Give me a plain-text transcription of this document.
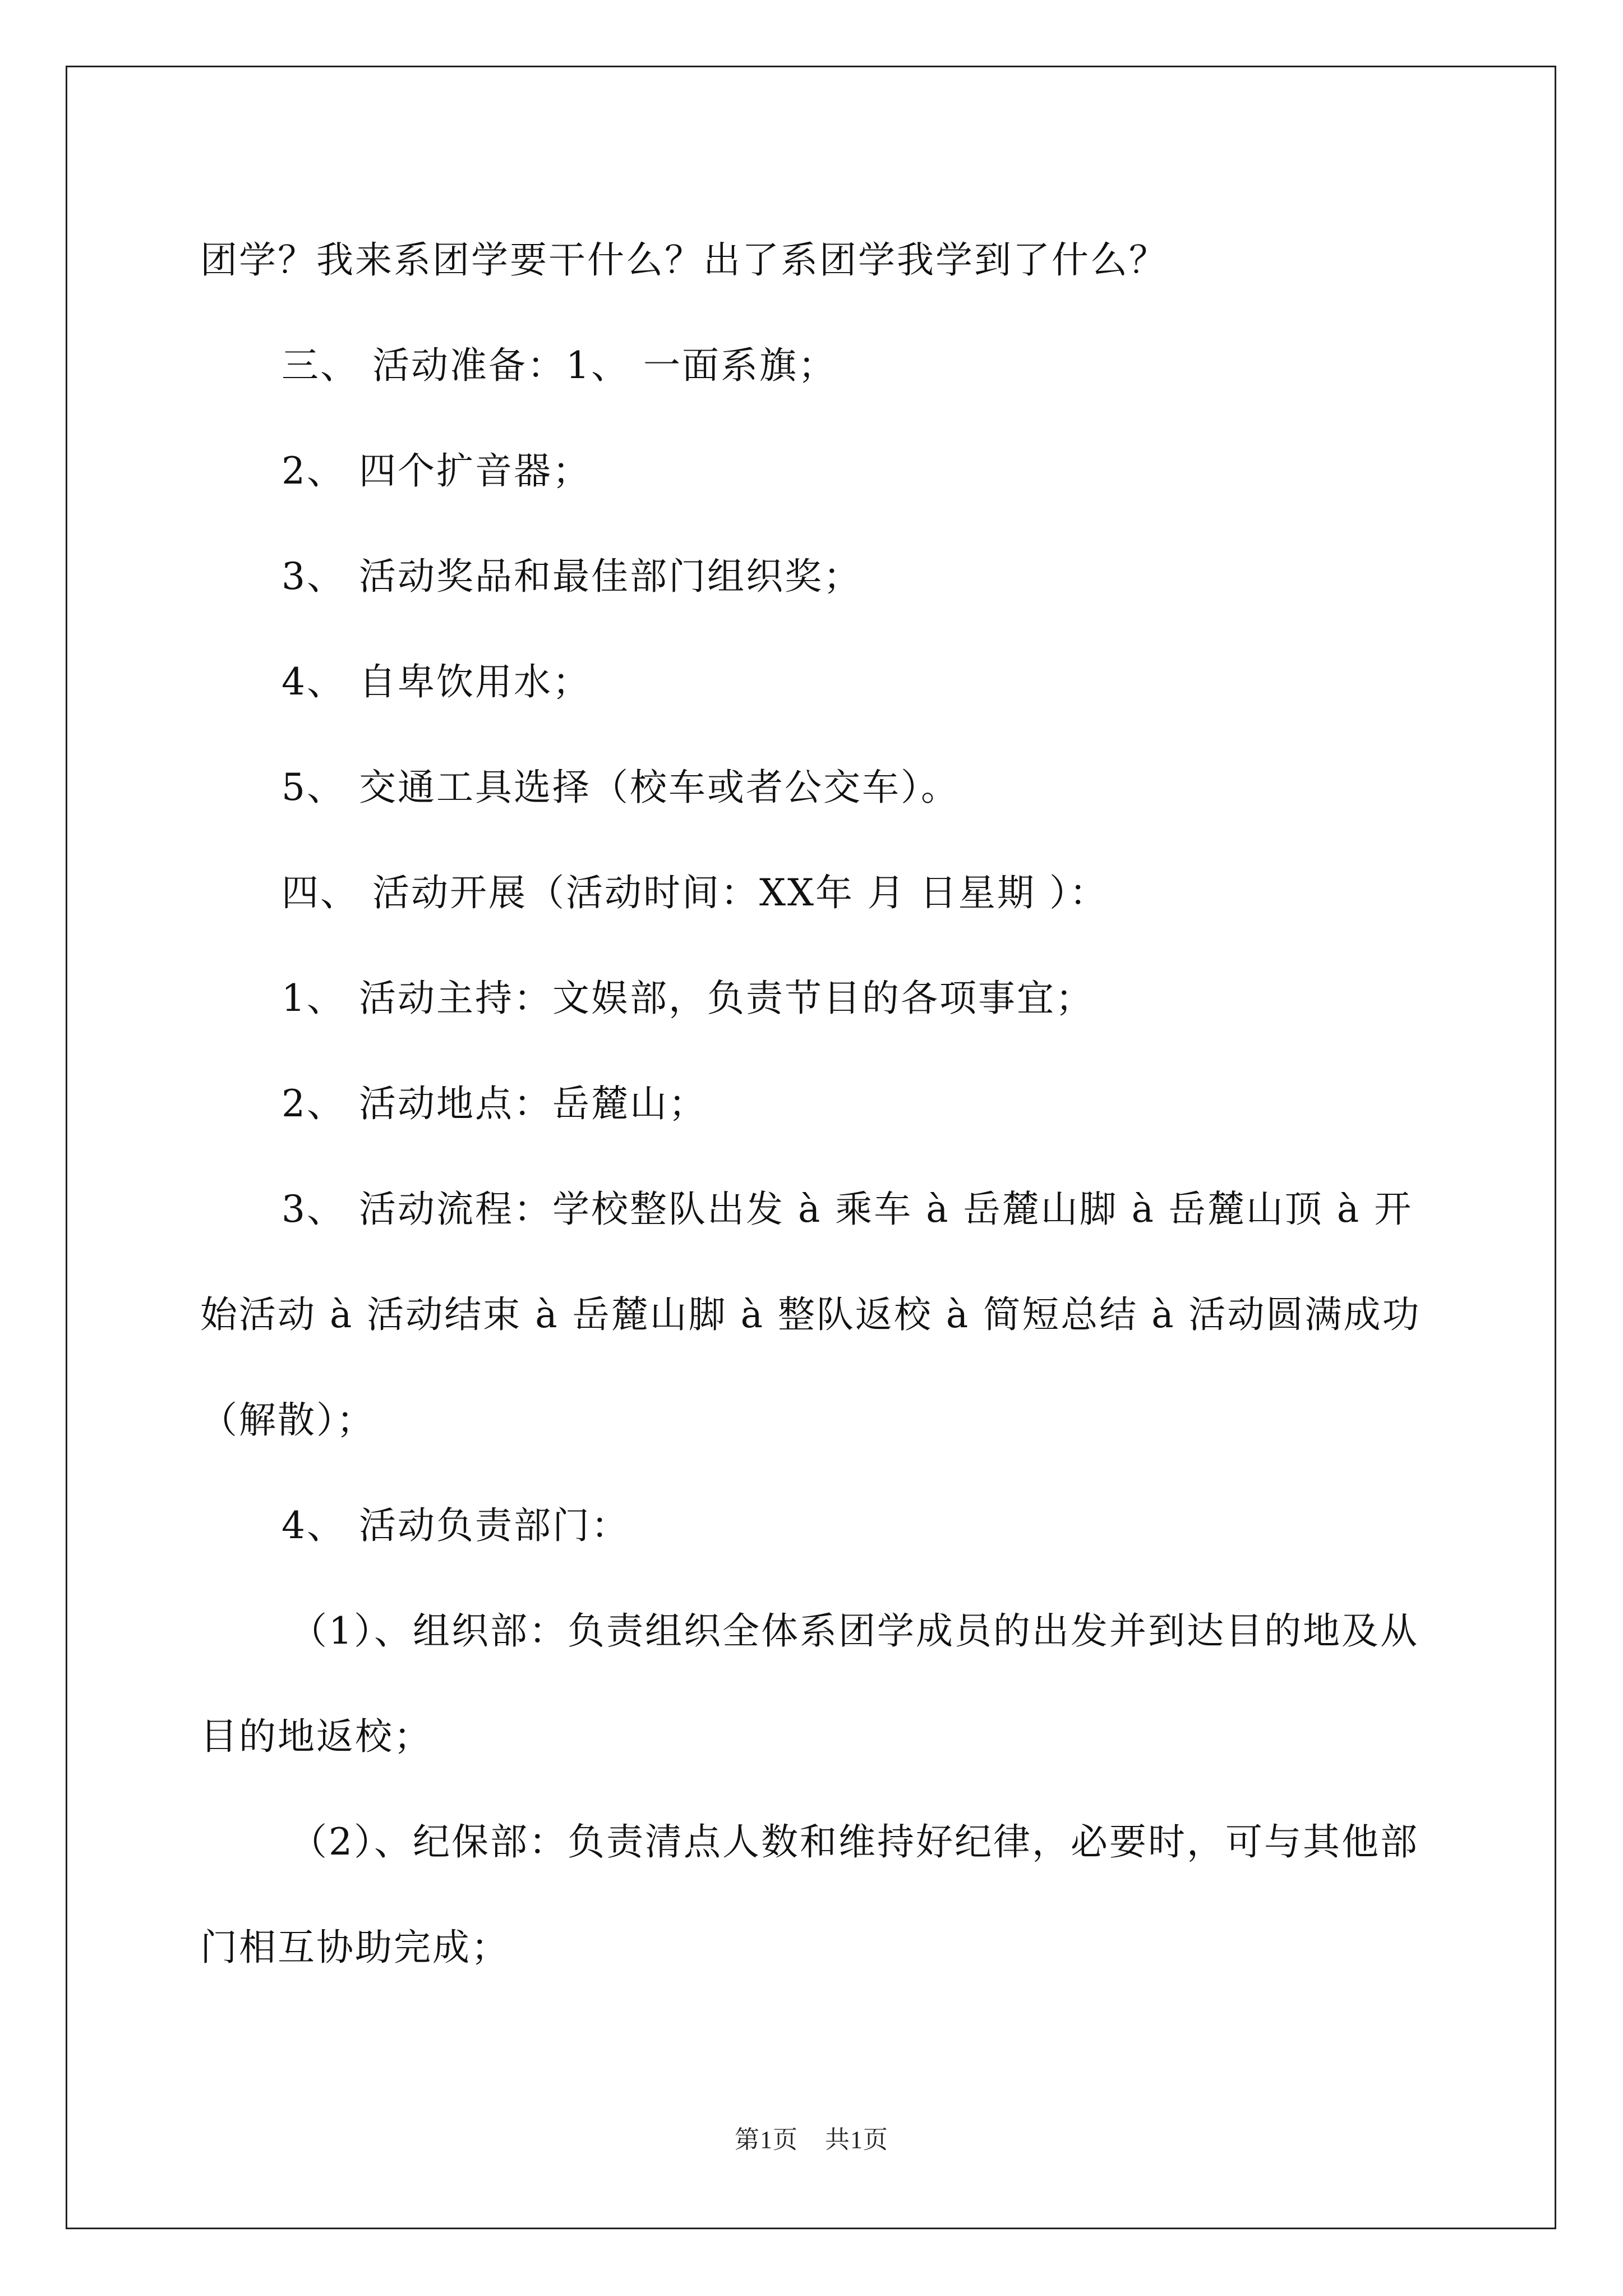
团学？我来系团学要干什么？出了系团学我学到了什么？

三、 活动准备：1、 一面系旗；

2、 四个扩音器；

3、 活动奖品和最佳部门组织奖；

4、 自卑饮用水；

5、 交通工具选择（校车或者公交车）。

四、 活动开展（活动时间：XX年 月 日星期 ）：

1、 活动主持：文娱部，负责节目的各项事宜；

2、 活动地点：岳麓山；

3、 活动流程：学校整队出发 à 乘车 à 岳麓山脚 à 岳麓山顶 à 开始活动 à 活动结束 à 岳麓山脚 à 整队返校 à 简短总结 à 活动圆满成功（解散）；

4、 活动负责部门：

（1）、组织部：负责组织全体系团学成员的出发并到达目的地及从目的地返校；

（2）、纪保部：负责清点人数和维持好纪律，必要时，可与其他部门相互协助完成；

第1页 共1页
